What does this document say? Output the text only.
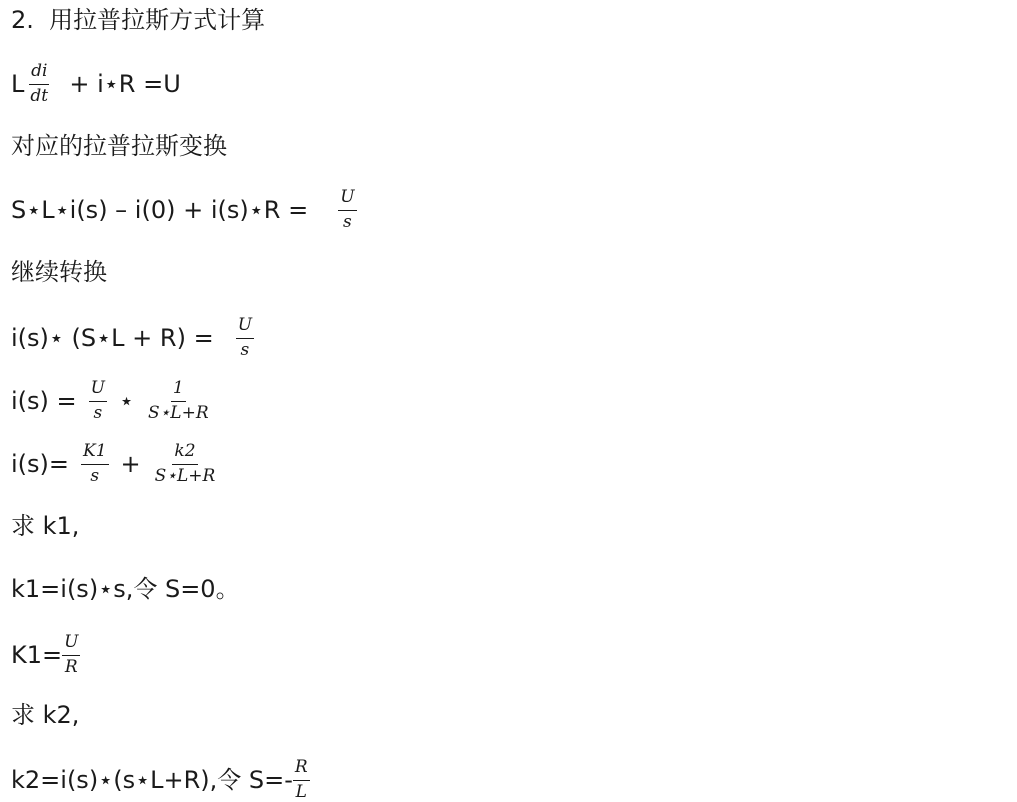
2.  用拉普拉斯方式计算
L $\frac{di}{dt}$ + i⋆R =U
对应的拉普拉斯变换
S⋆L⋆i(s) – i(0) + i(s)⋆R = $\frac{U}{s}$
继续转换
i(s)⋆ (S⋆L + $R) = \frac{U}{s}$
$i(s) = \frac{U}{s}$ ⋆ $\frac{1}{S⋆L+R}$
$i(s)= \frac{K1}{s} + \frac{k2}{S⋆L+R}$
求 k1,
k1=i(s)⋆s,令 S=0。
$K1= \frac{U}{R}$
求 k2,
k2=i(s)⋆(s⋆L+R),令 $S=- \frac{R}{L}$
